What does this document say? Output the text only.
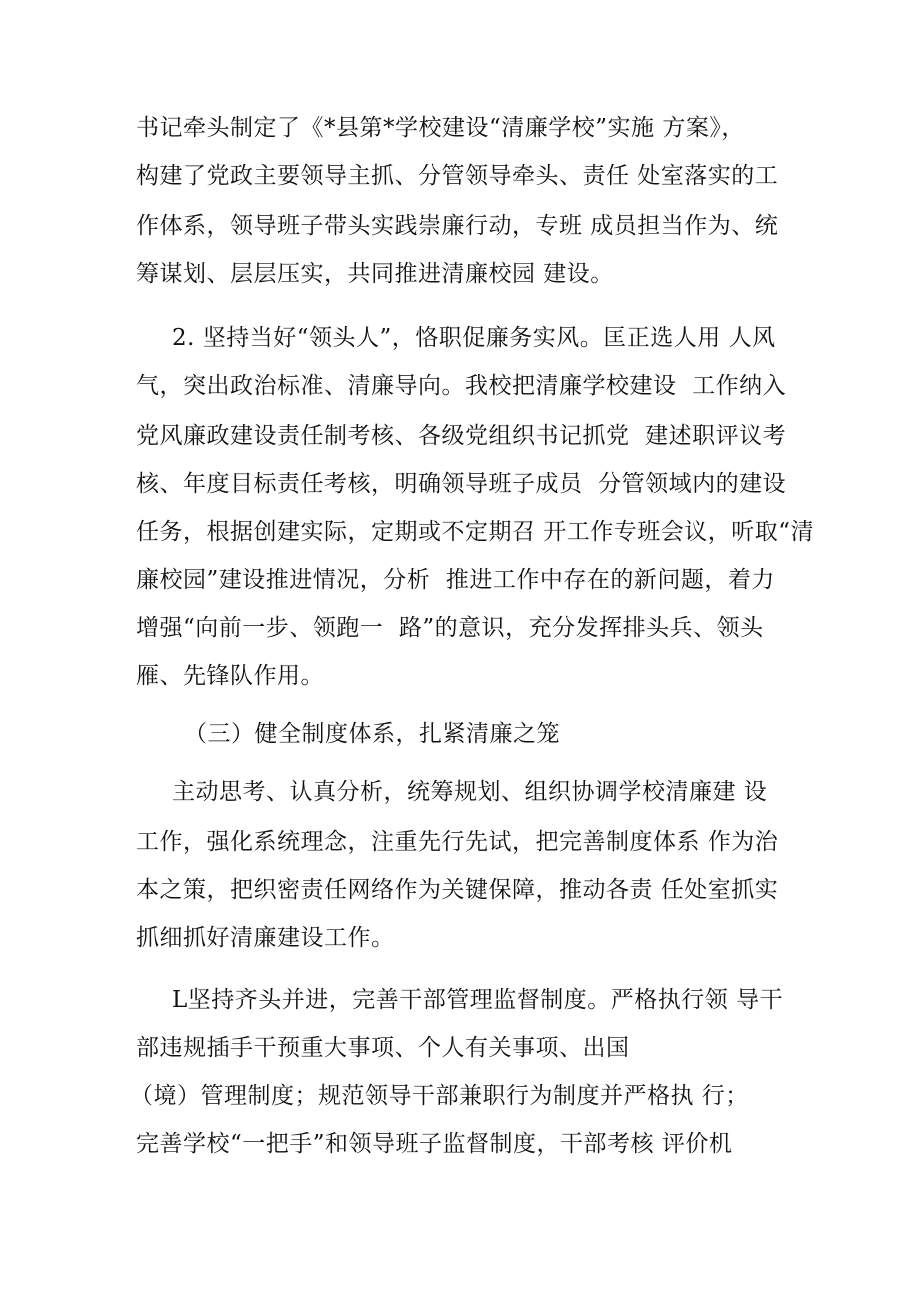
书记牵头制定了《*县第*学校建设“清廉学校”实施 方案》，
构建了党政主要领导主抓、分管领导牵头、责任 处室落实的工
作体系，领导班子带头实践崇廉行动，专班 成员担当作为、统
筹谋划、层层压实，共同推进清廉校园 建设。
2. 坚持当好“领头人”，恪职促廉务实风。匡正选人用 人风
气，突出政治标准、清廉导向。我校把清廉学校建设  工作纳入
党风廉政建设责任制考核、各级党组织书记抓党  建述职评议考
核、年度目标责任考核，明确领导班子成员  分管领域内的建设
任务，根据创建实际，定期或不定期召 开工作专班会议，听取“清
廉校园”建设推进情况，分析  推进工作中存在的新问题，着力
增强“向前一步、领跑一  路”的意识，充分发挥排头兵、领头
雁、先锋队作用。
（三）健全制度体系，扎紧清廉之笼
主动思考、认真分析，统筹规划、组织协调学校清廉建 设
工作，强化系统理念，注重先行先试，把完善制度体系 作为治
本之策，把织密责任网络作为关键保障，推动各责 任处室抓实
抓细抓好清廉建设工作。
L坚持齐头并进，完善干部管理监督制度。严格执行领 导干
部违规插手干预重大事项、个人有关事项、出国
（境）管理制度；规范领导干部兼职行为制度并严格执 行；
完善学校“一把手”和领导班子监督制度，干部考核 评价机
